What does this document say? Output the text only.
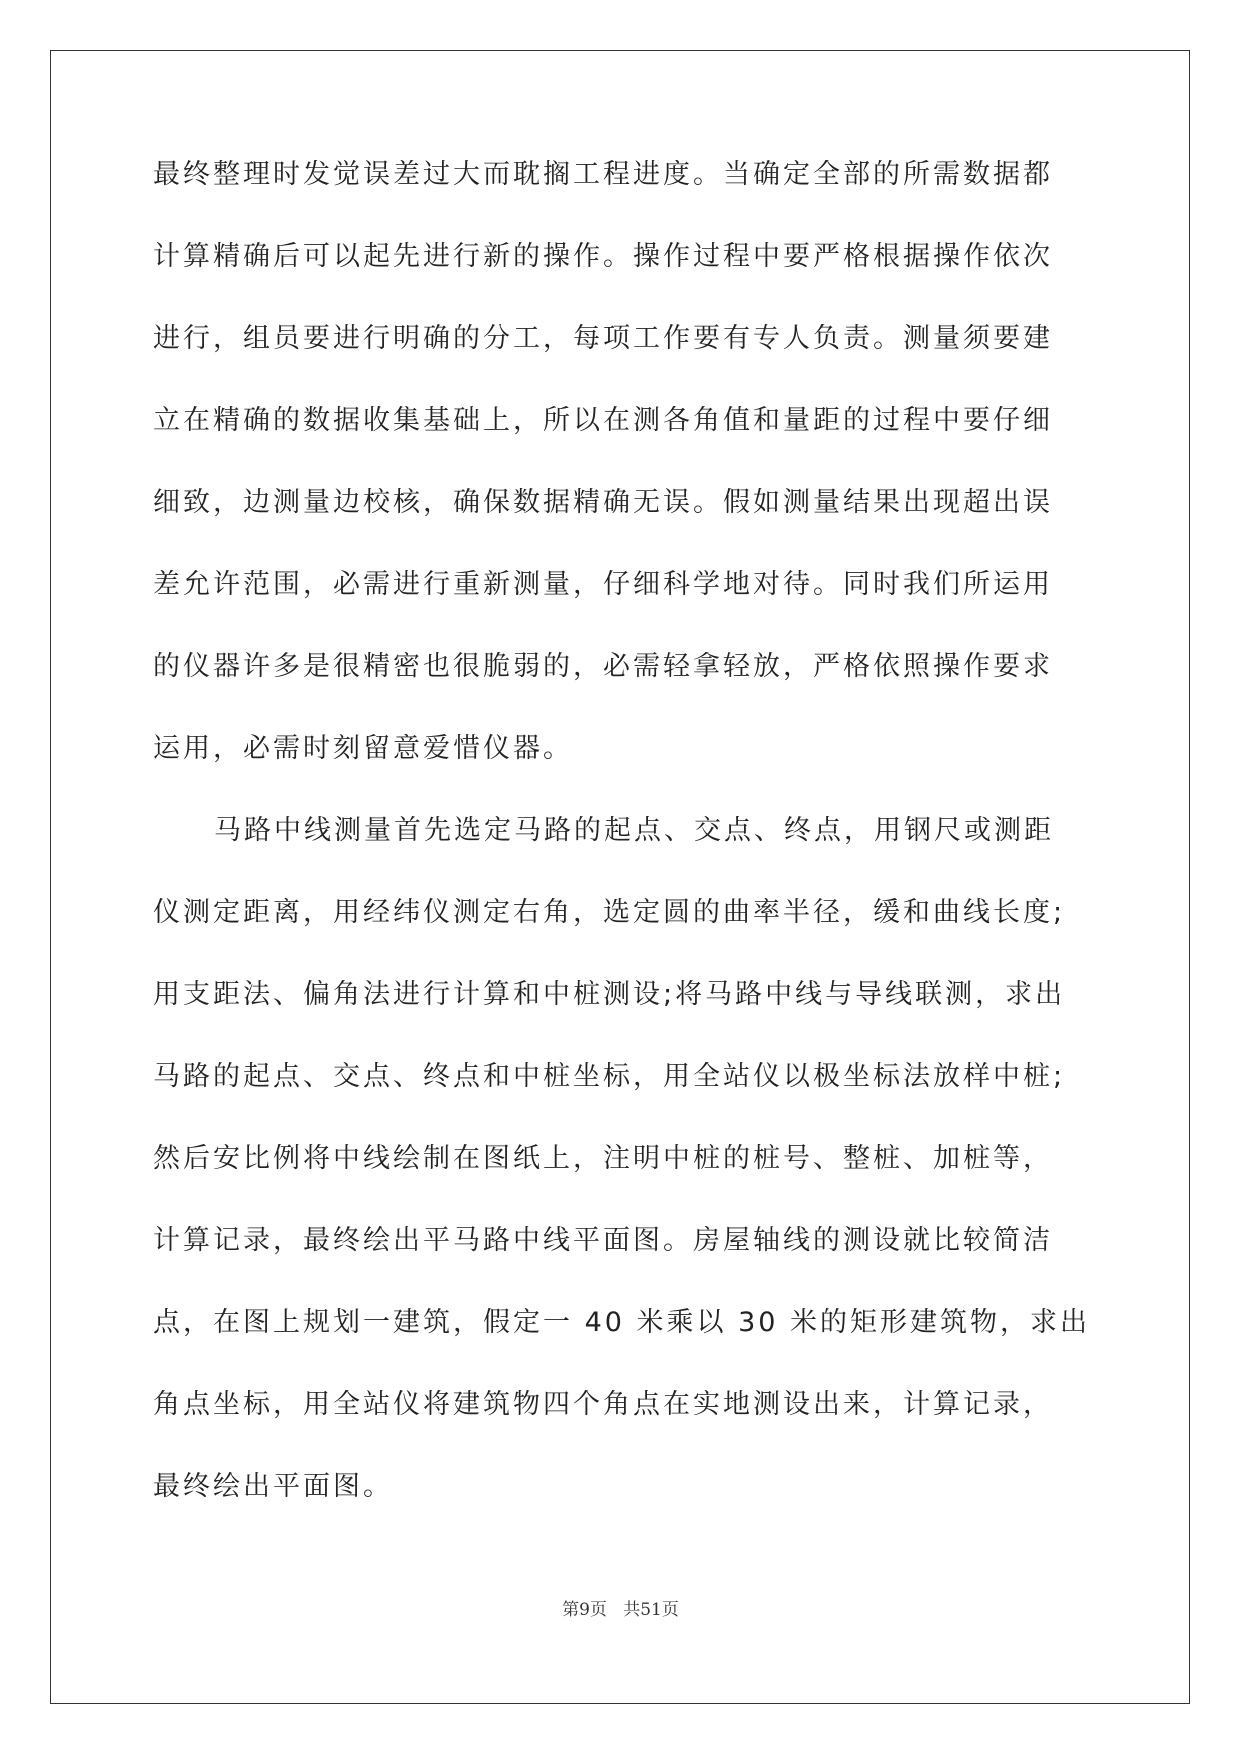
最终整理时发觉误差过大而耽搁工程进度。当确定全部的所需数据都
计算精确后可以起先进行新的操作。操作过程中要严格根据操作依次
进行，组员要进行明确的分工，每项工作要有专人负责。测量须要建
立在精确的数据收集基础上，所以在测各角值和量距的过程中要仔细
细致，边测量边校核，确保数据精确无误。假如测量结果出现超出误
差允许范围，必需进行重新测量，仔细科学地对待。同时我们所运用
的仪器许多是很精密也很脆弱的，必需轻拿轻放，严格依照操作要求
运用，必需时刻留意爱惜仪器。
马路中线测量首先选定马路的起点、交点、终点，用钢尺或测距
仪测定距离，用经纬仪测定右角，选定圆的曲率半径，缓和曲线长度;
用支距法、偏角法进行计算和中桩测设;将马路中线与导线联测，求出
马路的起点、交点、终点和中桩坐标，用全站仪以极坐标法放样中桩;
然后安比例将中线绘制在图纸上，注明中桩的桩号、整桩、加桩等，
计算记录，最终绘出平马路中线平面图。房屋轴线的测设就比较简洁
点，在图上规划一建筑，假定一 40 米乘以 30 米的矩形建筑物，求出
角点坐标，用全站仪将建筑物四个角点在实地测设出来，计算记录，
最终绘出平面图。
第9页 共51页
